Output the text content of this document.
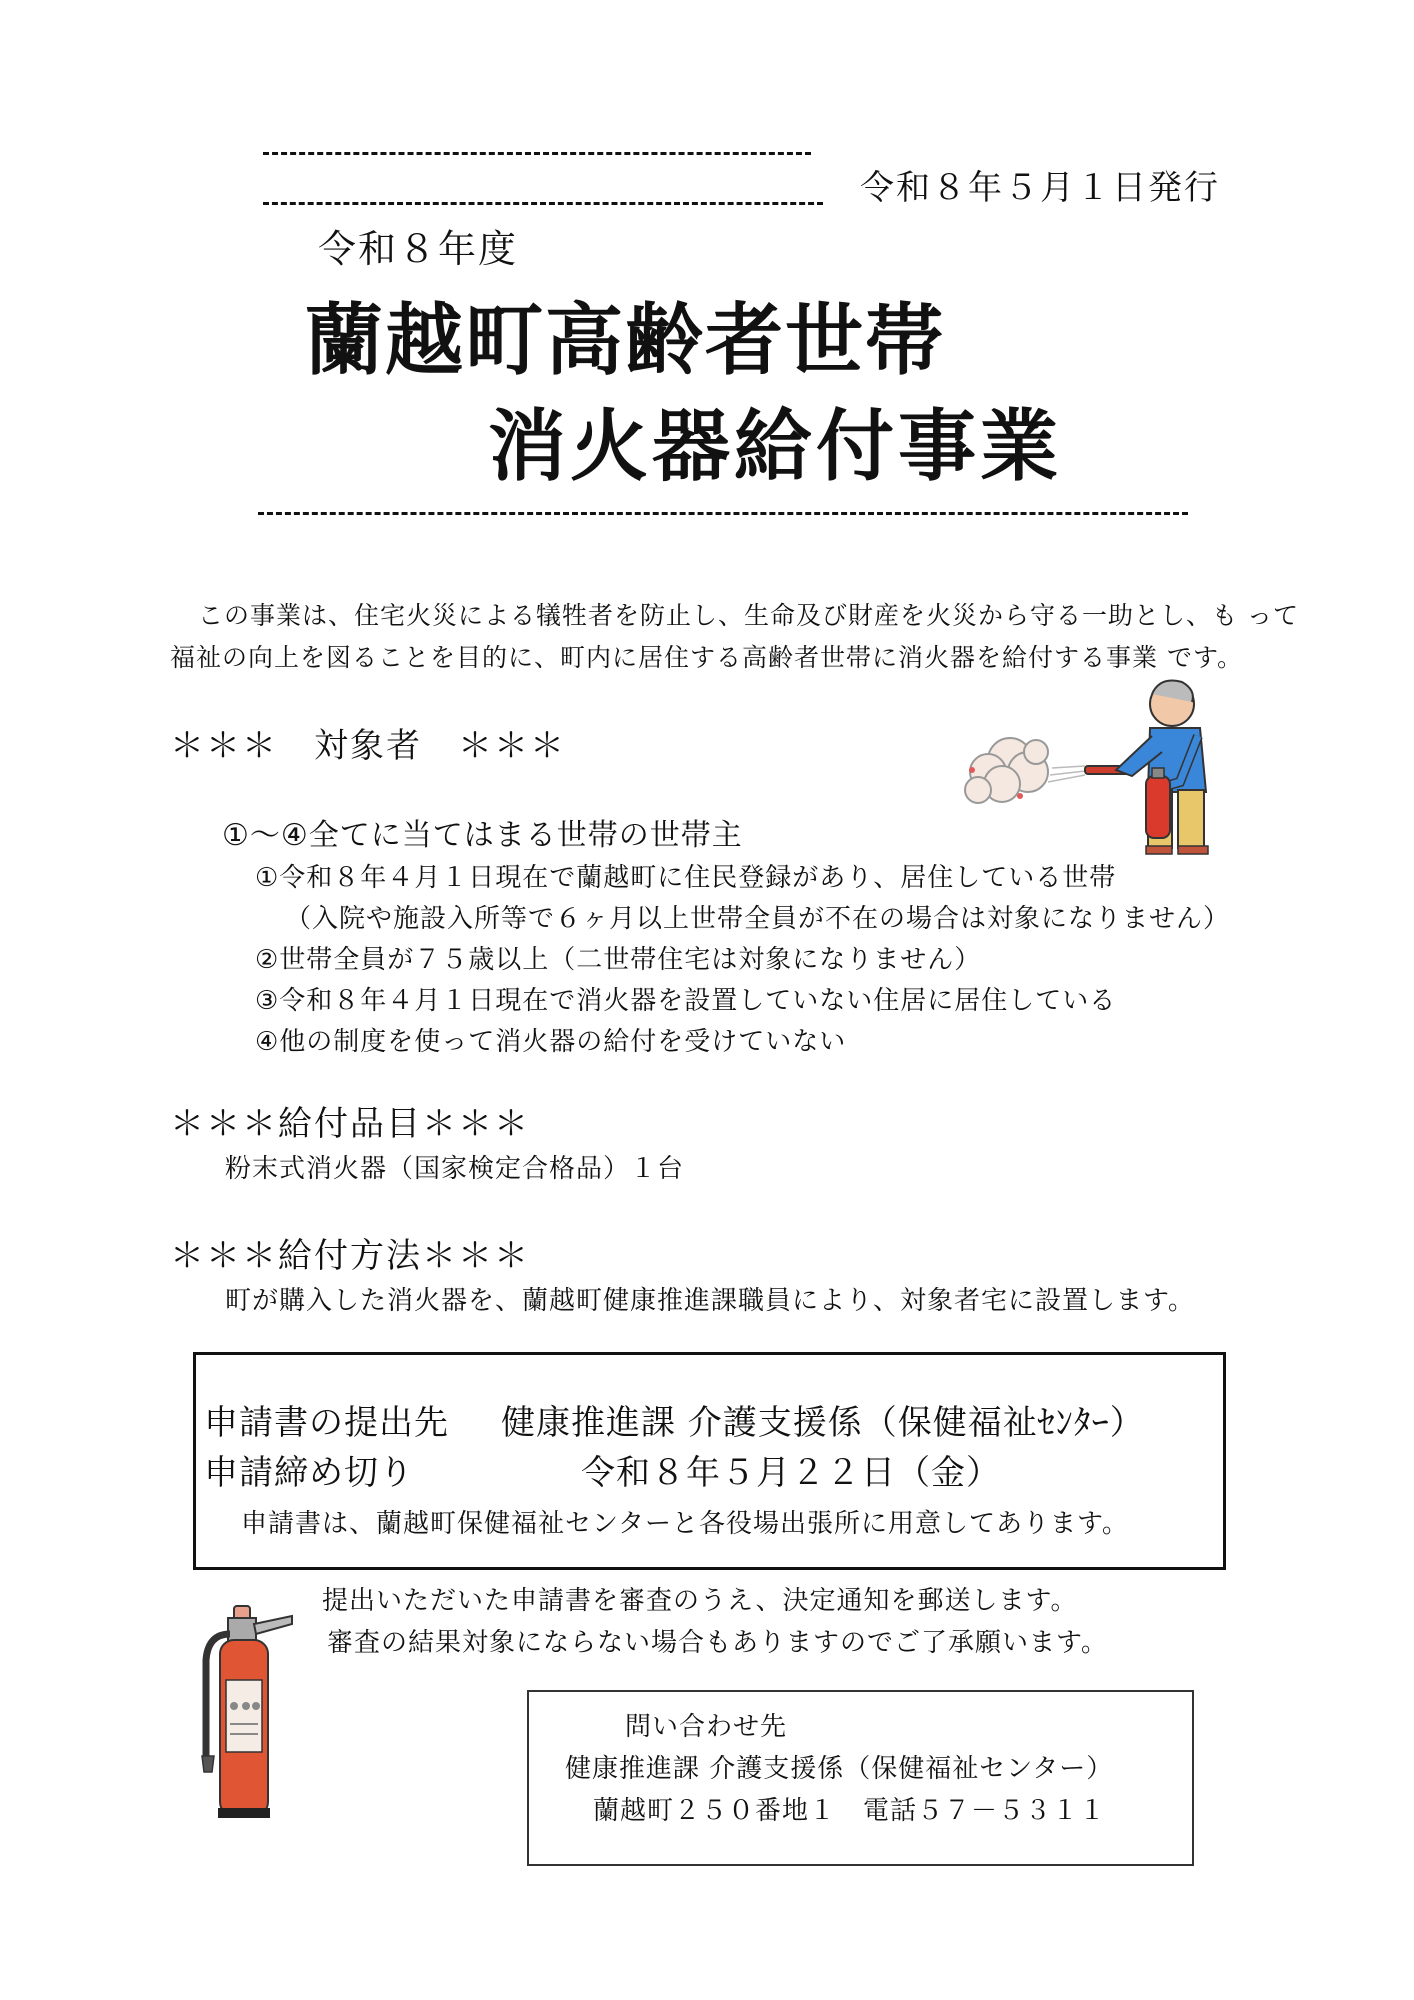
令和８年５月１日発行
令和８年度
蘭越町高齢者世帯
消火器給付事業
この事業は、住宅火災による犠牲者を防止し、生命及び財産を火災から守る一助とし、も って福祉の向上を図ることを目的に、町内に居住する高齢者世帯に消火器を給付する事業 です。
＊＊＊　対象者　＊＊＊
①～④全てに当てはまる世帯の世帯主
①令和８年４月１日現在で蘭越町に住民登録があり、居住している世帯
（入院や施設入所等で６ヶ月以上世帯全員が不在の場合は対象になりません）
②世帯全員が７５歳以上（二世帯住宅は対象になりません）
③令和８年４月１日現在で消火器を設置していない住居に居住している
④他の制度を使って消火器の給付を受けていない
＊＊＊給付品目＊＊＊
粉末式消火器（国家検定合格品）１台
＊＊＊給付方法＊＊＊
町が購入した消火器を、蘭越町健康推進課職員により、対象者宅に設置します。
申請書の提出先 健康推進課 介護支援係（保健福祉ｾﾝﾀｰ）
申請締め切り	令和８年５月２２日（金）
申請書は、蘭越町保健福祉センターと各役場出張所に用意してあります。
提出いただいた申請書を審査のうえ、決定通知を郵送します。
審査の結果対象にならない場合もありますのでご了承願います。
問い合わせ先
健康推進課 介護支援係（保健福祉センター）
蘭越町２５０番地１　電話５７－５３１１
